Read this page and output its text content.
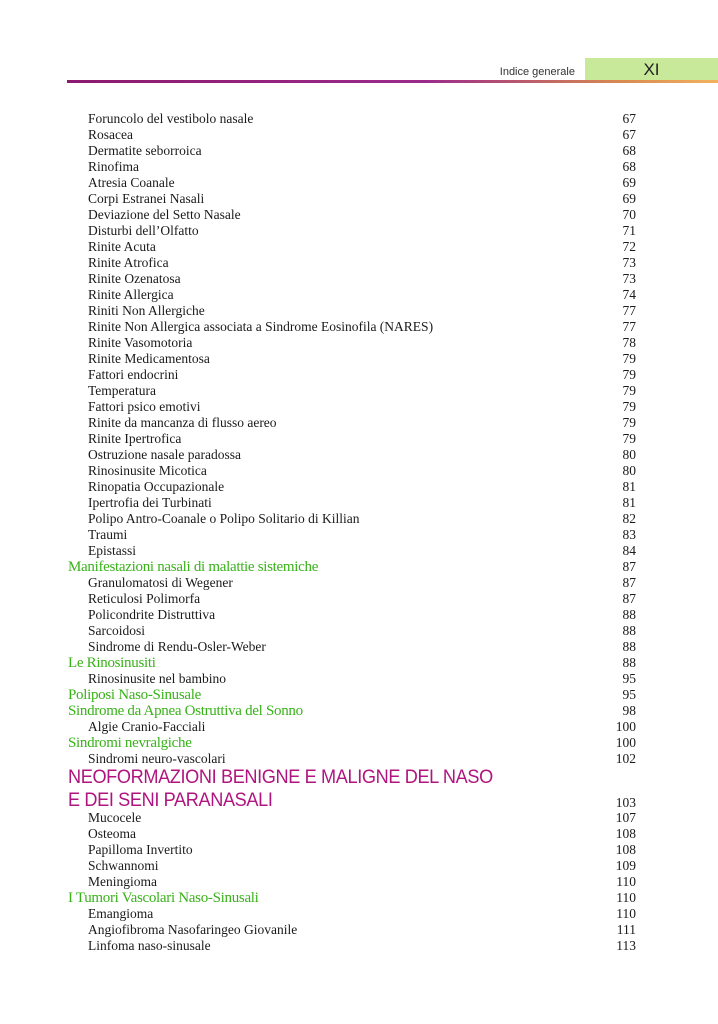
Indice generale	XI
Foruncolo del vestibolo nasale	67
Rosacea	67
Dermatite seborroica	68
Rinofima	68
Atresia Coanale	69
Corpi Estranei Nasali	69
Deviazione del Setto Nasale	70
Disturbi dell’Olfatto	71
Rinite Acuta	72
Rinite Atrofica	73
Rinite Ozenatosa	73
Rinite Allergica	74
Riniti Non Allergiche	77
Rinite Non Allergica associata a Sindrome Eosinofila (NARES)	77
Rinite Vasomotoria	78
Rinite Medicamentosa	79
Fattori endocrini	79
Temperatura	79
Fattori psico emotivi	79
Rinite da mancanza di flusso aereo	79
Rinite Ipertrofica	79
Ostruzione nasale paradossa	80
Rinosinusite Micotica	80
Rinopatia Occupazionale	81
Ipertrofia dei Turbinati	81
Polipo Antro-Coanale o Polipo Solitario di Killian	82
Traumi	83
Epistassi	84
Manifestazioni nasali di malattie sistemiche	87
Granulomatosi di Wegener	87
Reticulosi Polimorfa	87
Policondrite Distruttiva	88
Sarcoidosi	88
Sindrome di Rendu-Osler-Weber	88
Le Rinosinusiti	88
Rinosinusite nel bambino	95
Poliposi Naso-Sinusale	95
Sindrome da Apnea Ostruttiva del Sonno	98
Algie Cranio-Facciali	100
Sindromi nevralgiche	100
Sindromi neuro-vascolari	102
NEOFORMAZIONI BENIGNE E MALIGNE DEL NASO
E DEI SENI PARANASALI	103
Mucocele	107
Osteoma	108
Papilloma Invertito	108
Schwannomi	109
Meningioma	110
I Tumori Vascolari Naso-Sinusali	110
Emangioma	110
Angiofibroma Nasofaringeo Giovanile	111
Linfoma naso-sinusale	113
